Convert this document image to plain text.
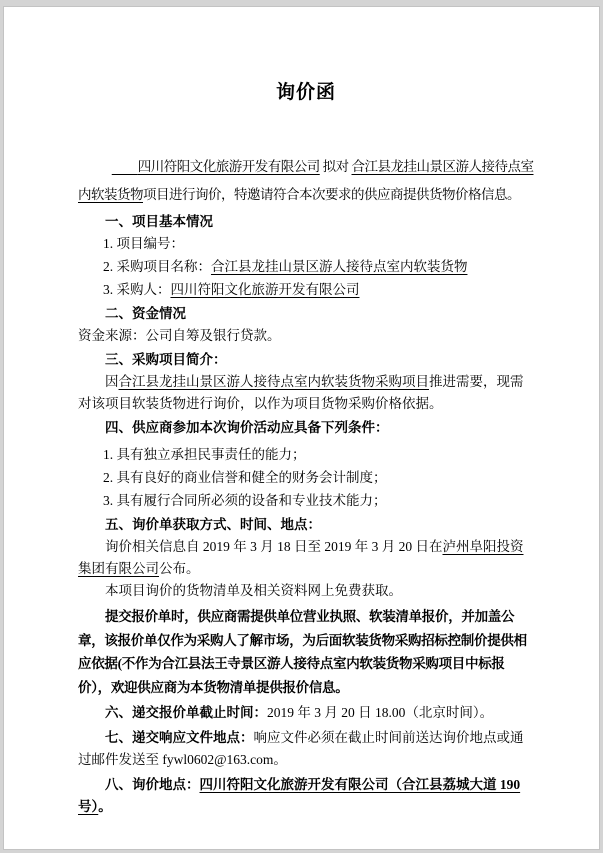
询价函

　　四川符阳文化旅游开发有限公司 拟对 合江县龙挂山景区游人接待点室内软装货物项目进行询价，特邀请符合本次要求的供应商提供货物价格信息。

一、项目基本情况

1. 项目编号：

2. 采购项目名称：合江县龙挂山景区游人接待点室内软装货物

3. 采购人：四川符阳文化旅游开发有限公司

二、资金情况

资金来源：公司自筹及银行贷款。

三、采购项目简介：

因合江县龙挂山景区游人接待点室内软装货物采购项目推进需要，现需对该项目软装货物进行询价，以作为项目货物采购价格依据。

四、供应商参加本次询价活动应具备下列条件：

1. 具有独立承担民事责任的能力；

2. 具有良好的商业信誉和健全的财务会计制度；

3. 具有履行合同所必须的设备和专业技术能力；

五、询价单获取方式、时间、地点：

询价相关信息自 2019 年 3 月 18 日至 2019 年 3 月 20 日在泸州阜阳投资集团有限公司公布。

本项目询价的货物清单及相关资料网上免费获取。

提交报价单时，供应商需提供单位营业执照、软装清单报价，并加盖公章，该报价单仅作为采购人了解市场，为后面软装货物采购招标控制价提供相应依据(不作为合江县法王寺景区游人接待点室内软装货物采购项目中标报价），欢迎供应商为本货物清单提供报价信息。

六、递交报价单截止时间：2019 年 3 月 20 日 18.00（北京时间）。

七、递交响应文件地点：响应文件必须在截止时间前送达询价地点或通过邮件发送至 fywl0602@163.com。

八、询价地点：四川符阳文化旅游开发有限公司（合江县荔城大道 190 号）。
